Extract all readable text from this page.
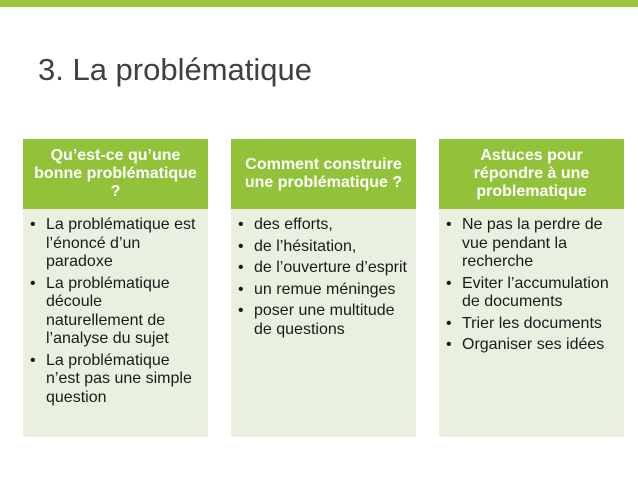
3. La problématique
Qu’est-ce qu’une bonne problématique ?
• La problématique est l’énoncé d’un paradoxe
• La problématique découle naturellement de l’analyse du sujet
• La problématique n’est pas une simple question
Comment construire une problématique ?
• des efforts,
• de l’hésitation,
• de l’ouverture d’esprit
• un remue méninges
• poser une multitude de questions
Astuces pour répondre à une problematique
• Ne pas la perdre de vue pendant la recherche
• Eviter l’accumulation de documents
• Trier les documents
• Organiser ses idées
